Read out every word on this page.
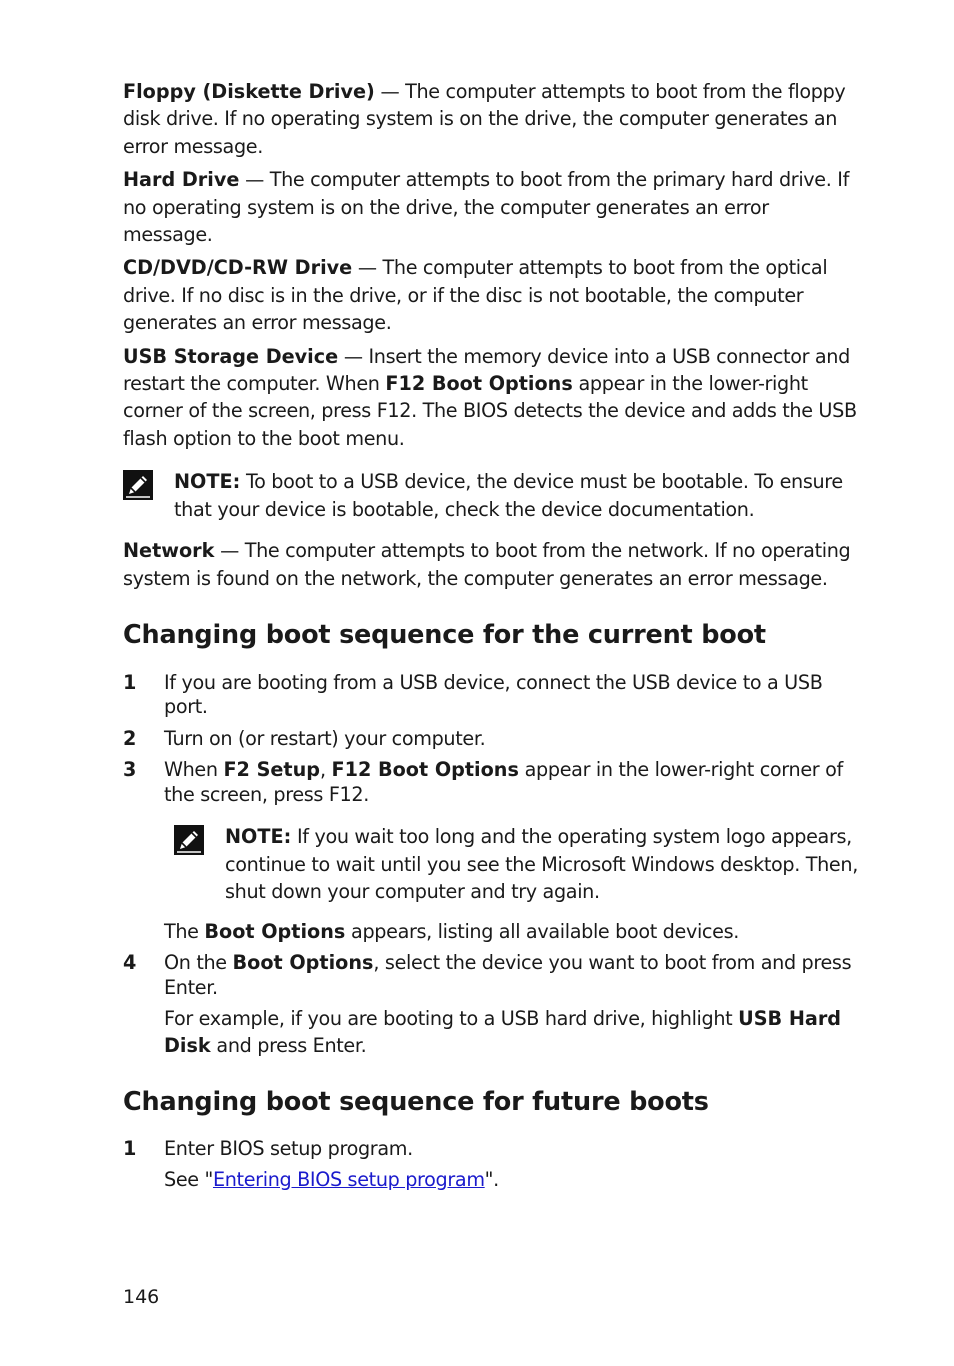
Floppy (Diskette Drive) — The computer attempts to boot from the floppy disk drive. If no operating system is on the drive, the computer generates an error message.

Hard Drive — The computer attempts to boot from the primary hard drive. If no operating system is on the drive, the computer generates an error message.

CD/DVD/CD-RW Drive — The computer attempts to boot from the optical drive. If no disc is in the drive, or if the disc is not bootable, the computer generates an error message.

USB Storage Device — Insert the memory device into a USB connector and restart the computer. When F12 Boot Options appear in the lower-right corner of the screen, press F12. The BIOS detects the device and adds the USB flash option to the boot menu.

NOTE: To boot to a USB device, the device must be bootable. To ensure that your device is bootable, check the device documentation.

Network — The computer attempts to boot from the network. If no operating system is found on the network, the computer generates an error message.

Changing boot sequence for the current boot

1 If you are booting from a USB device, connect the USB device to a USB port.

2 Turn on (or restart) your computer.

3 When F2 Setup, F12 Boot Options appear in the lower-right corner of the screen, press F12.

NOTE: If you wait too long and the operating system logo appears, continue to wait until you see the Microsoft Windows desktop. Then, shut down your computer and try again.

The Boot Options appears, listing all available boot devices.

4 On the Boot Options, select the device you want to boot from and press Enter.

For example, if you are booting to a USB hard drive, highlight USB Hard Disk and press Enter.

Changing boot sequence for future boots

1 Enter BIOS setup program.

See "Entering BIOS setup program".

146
